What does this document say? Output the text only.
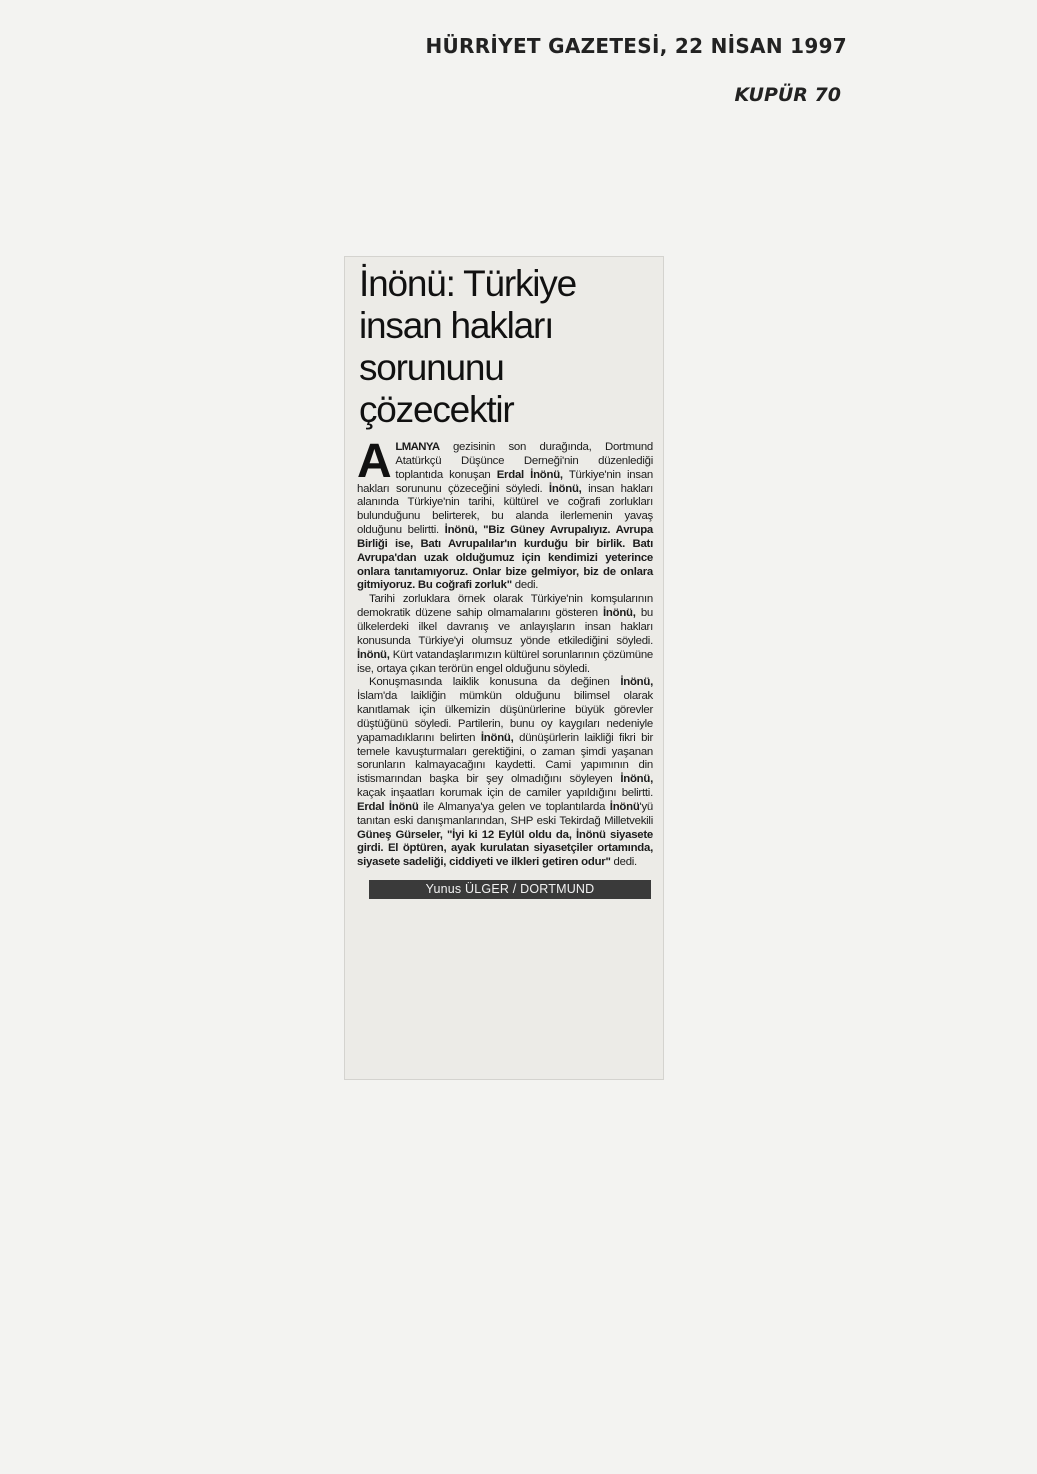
HÜRRİYET GAZETESİ, 22 NİSAN 1997
KUPÜR 70
İnönü: Türkiye
insan hakları
sorununu çözecektir

ALMANYA gezisinin son durağında, Dortmund Atatürkçü Düşünce Derneği'nin düzenlediği toplantıda konuşan Erdal İnönü, Türkiye'nin insan hakları sorununu çözeceğini söyledi. İnönü, insan hakları alanında Türkiye'nin tarihi, kültürel ve coğrafi zorlukları bulunduğunu belirterek, bu alanda ilerlemenin yavaş olduğunu belirtti. İnönü, "Biz Güney Avrupalıyız. Avrupa Birliği ise, Batı Avrupalılar'ın kurduğu bir birlik. Batı Avrupa'dan uzak olduğumuz için kendimizi yeterince onlara tanıtamıyoruz. Onlar bize gelmiyor, biz de onlara gitmiyoruz. Bu coğrafi zorluk" dedi.

Tarihi zorluklara örnek olarak Türkiye'nin komşularının demokratik düzene sahip olmamalarını gösteren İnönü, bu ülkelerdeki ilkel davranış ve anlayışların insan hakları konusunda Türkiye'yi olumsuz yönde etkilediğini söyledi. İnönü, Kürt vatandaşlarımızın kültürel sorunlarının çözümüne ise, ortaya çıkan terörün engel olduğunu söyledi.

Konuşmasında laiklik konusuna da değinen İnönü, İslam'da laikliğin mümkün olduğunu bilimsel olarak kanıtlamak için ülkemizin düşünürlerine büyük görevler düştüğünü söyledi. Partilerin, bunu oy kaygıları nedeniyle yapamadıklarını belirten İnönü, dünüşürlerin laikliği fikri bir temele kavuşturmaları gerektiğini, o zaman şimdi yaşanan sorunların kalmayacağını kaydetti. Cami yapımının din istismarından başka bir şey olmadığını söyleyen İnönü, kaçak inşaatları korumak için de camiler yapıldığını belirtti. Erdal İnönü ile Almanya'ya gelen ve toplantılarda İnönü'yü tanıtan eski danışmanlarından, SHP eski Tekirdağ Milletvekili Güneş Gürseler, "İyi ki 12 Eylül oldu da, İnönü siyasete girdi. El öptüren, ayak kurulatan siyasetçiler ortamında, siyasete sadeliği, ciddiyeti ve ilkleri getiren odur" dedi.

Yunus ÜLGER / DORTMUND
